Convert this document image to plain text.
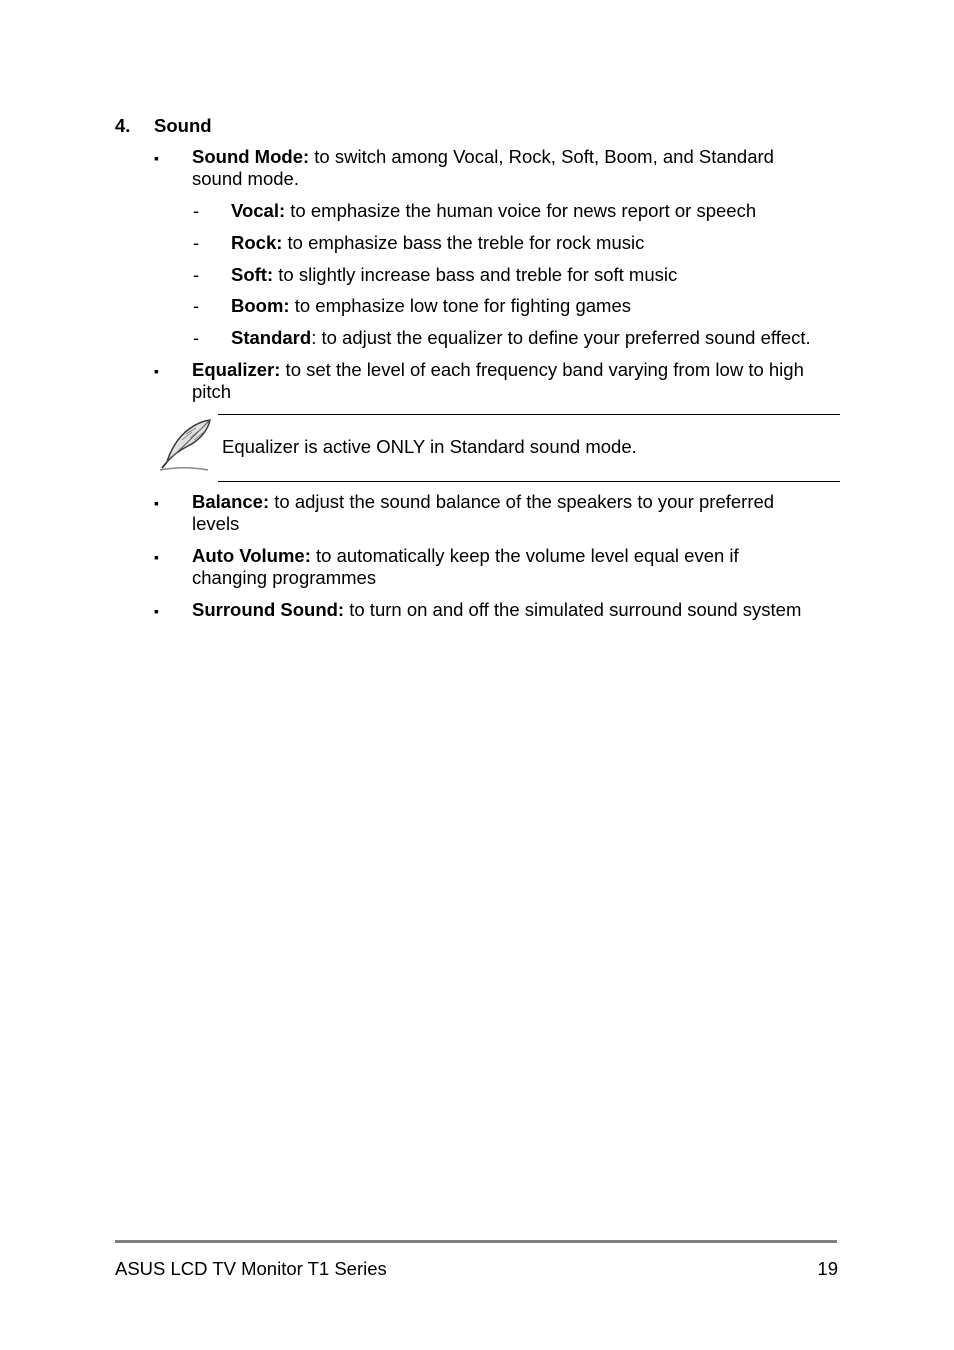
4. Sound
▪ Sound Mode: to switch among Vocal, Rock, Soft, Boom, and Standard
sound mode.
- Vocal: to emphasize the human voice for news report or speech
- Rock: to emphasize bass the treble for rock music
- Soft: to slightly increase bass and treble for soft music
- Boom: to emphasize low tone for fighting games
- Standard: to adjust the equalizer to define your preferred sound effect.
▪ Equalizer: to set the level of each frequency band varying from low to high
pitch
Equalizer is active ONLY in Standard sound mode.
▪ Balance: to adjust the sound balance of the speakers to your preferred
levels
▪ Auto Volume: to automatically keep the volume level equal even if
changing programmes
▪ Surround Sound: to turn on and off the simulated surround sound system
ASUS LCD TV Monitor T1 Series	19
